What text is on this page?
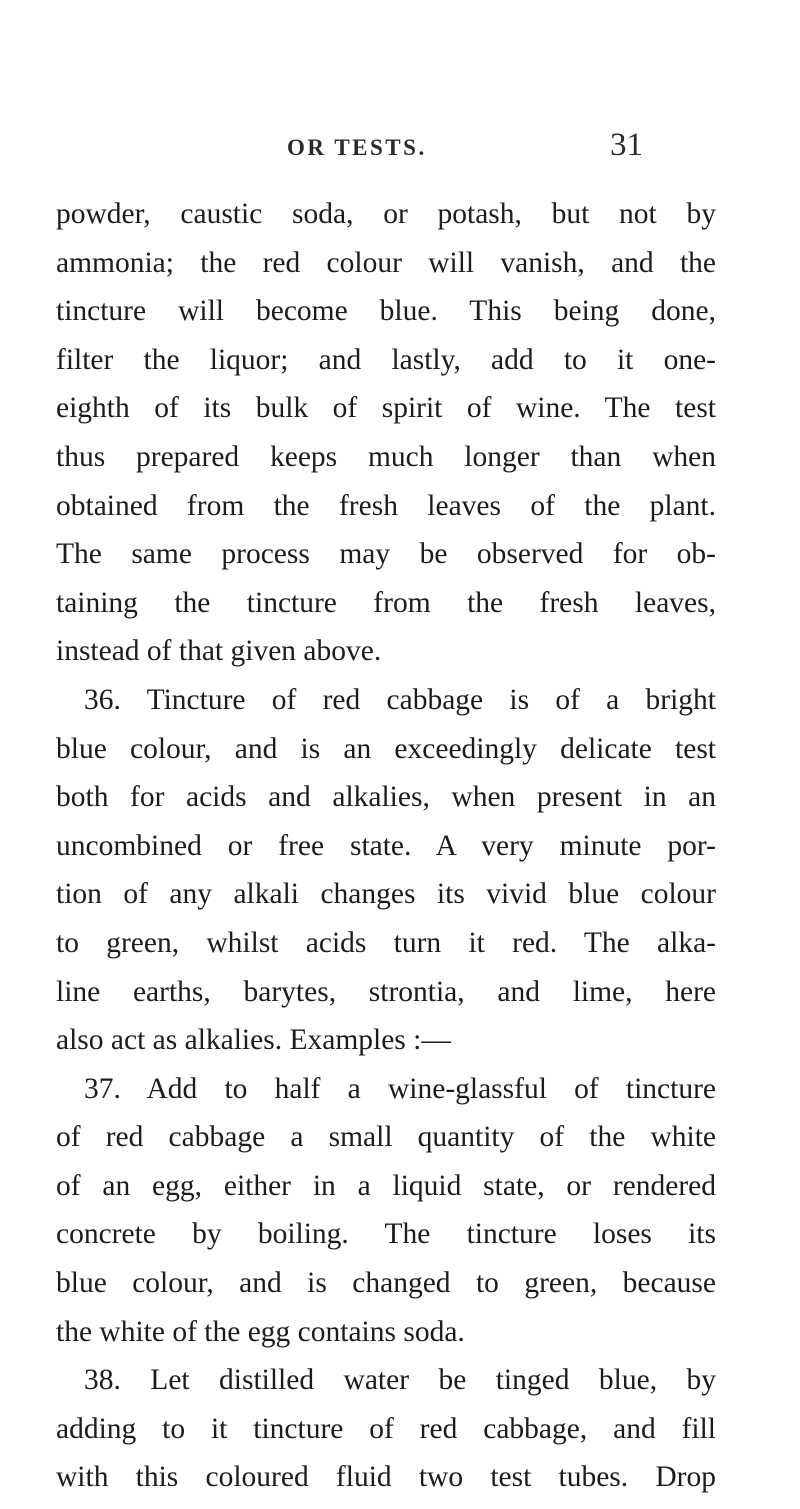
OR TESTS.	31
powder, caustic soda, or potash, but not by
ammonia; the red colour will vanish, and the
tincture will become blue. This being done,
filter the liquor; and lastly, add to it one-
eighth of its bulk of spirit of wine. The test
thus prepared keeps much longer than when
obtained from the fresh leaves of the plant.
The same process may be observed for ob-
taining the tincture from the fresh leaves,
instead of that given above.
36. Tincture of red cabbage is of a bright
blue colour, and is an exceedingly delicate test
both for acids and alkalies, when present in an
uncombined or free state. A very minute por-
tion of any alkali changes its vivid blue colour
to green, whilst acids turn it red. The alka-
line earths, barytes, strontia, and lime, here
also act as alkalies. Examples :—
37. Add to half a wine-glassful of tincture
of red cabbage a small quantity of the white
of an egg, either in a liquid state, or rendered
concrete by boiling. The tincture loses its
blue colour, and is changed to green, because
the white of the egg contains soda.
38. Let distilled water be tinged blue, by
adding to it tincture of red cabbage, and fill
with this coloured fluid two test tubes. Drop
